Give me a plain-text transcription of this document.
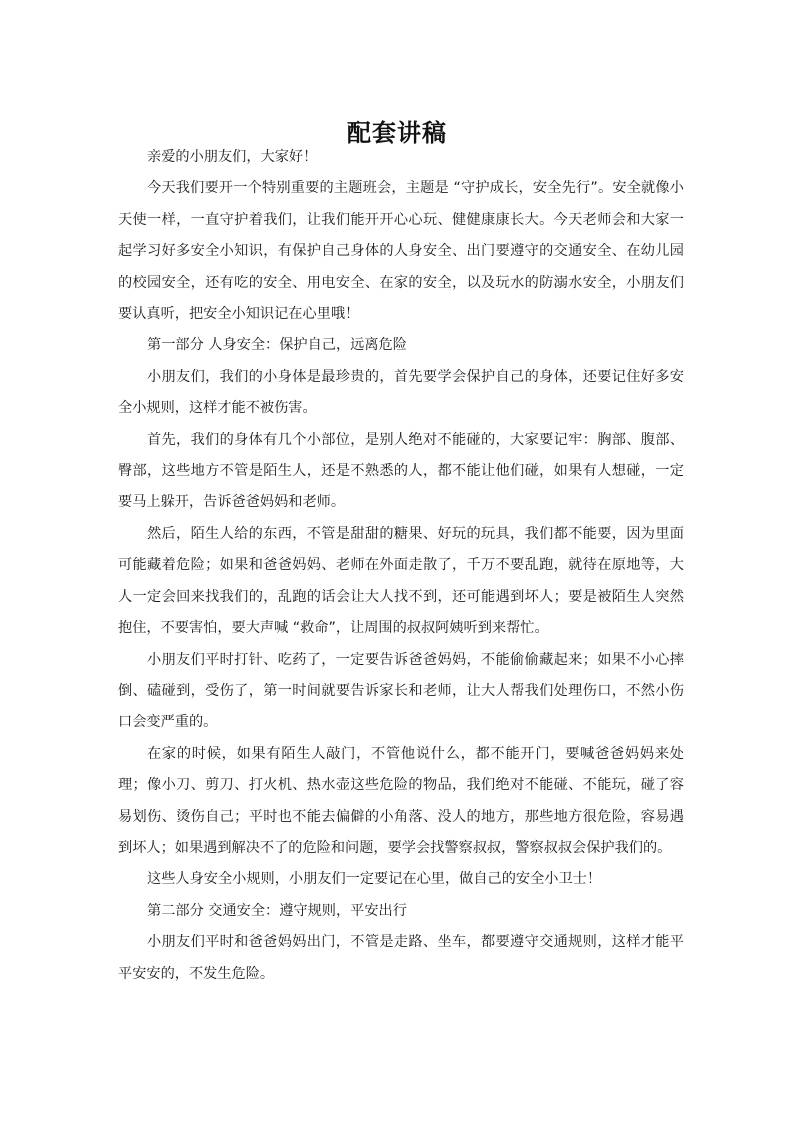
配套讲稿

亲爱的小朋友们，大家好！

今天我们要开一个特别重要的主题班会，主题是 “守护成长，安全先行”。安全就像小天使一样，一直守护着我们，让我们能开开心心玩、健健康康长大。今天老师会和大家一起学习好多安全小知识，有保护自己身体的人身安全、出门要遵守的交通安全、在幼儿园的校园安全，还有吃的安全、用电安全、在家的安全，以及玩水的防溺水安全，小朋友们要认真听，把安全小知识记在心里哦！

第一部分 人身安全：保护自己，远离危险

小朋友们，我们的小身体是最珍贵的，首先要学会保护自己的身体，还要记住好多安全小规则，这样才能不被伤害。

首先，我们的身体有几个小部位，是别人绝对不能碰的，大家要记牢：胸部、腹部、臀部，这些地方不管是陌生人，还是不熟悉的人，都不能让他们碰，如果有人想碰，一定要马上躲开，告诉爸爸妈妈和老师。

然后，陌生人给的东西，不管是甜甜的糖果、好玩的玩具，我们都不能要，因为里面可能藏着危险；如果和爸爸妈妈、老师在外面走散了，千万不要乱跑，就待在原地等，大人一定会回来找我们的，乱跑的话会让大人找不到，还可能遇到坏人；要是被陌生人突然抱住，不要害怕，要大声喊 “救命”，让周围的叔叔阿姨听到来帮忙。

小朋友们平时打针、吃药了，一定要告诉爸爸妈妈，不能偷偷藏起来；如果不小心摔倒、磕碰到，受伤了，第一时间就要告诉家长和老师，让大人帮我们处理伤口，不然小伤口会变严重的。

在家的时候，如果有陌生人敲门，不管他说什么，都不能开门，要喊爸爸妈妈来处理；像小刀、剪刀、打火机、热水壶这些危险的物品，我们绝对不能碰、不能玩，碰了容易划伤、烫伤自己；平时也不能去偏僻的小角落、没人的地方，那些地方很危险，容易遇到坏人；如果遇到解决不了的危险和问题，要学会找警察叔叔，警察叔叔会保护我们的。

这些人身安全小规则，小朋友们一定要记在心里，做自己的安全小卫士！

第二部分 交通安全：遵守规则，平安出行

小朋友们平时和爸爸妈妈出门，不管是走路、坐车，都要遵守交通规则，这样才能平平安安的，不发生危险。
